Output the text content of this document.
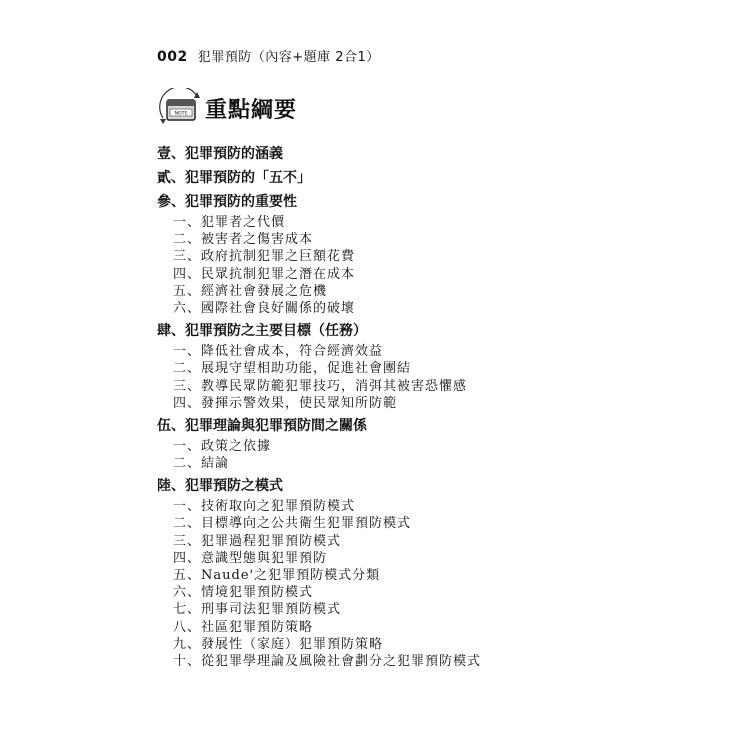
002 犯罪預防（內容+題庫 2合1）
NOTE 重點綱要
壹、犯罪預防的涵義
貳、犯罪預防的「五不」
參、犯罪預防的重要性
一、犯罪者之代價
二、被害者之傷害成本
三、政府抗制犯罪之巨額花費
四、民眾抗制犯罪之潛在成本
五、經濟社會發展之危機
六、國際社會良好關係的破壞
肆、犯罪預防之主要目標（任務）
一、降低社會成本，符合經濟效益
二、展現守望相助功能，促進社會團結
三、教導民眾防範犯罪技巧，消弭其被害恐懼感
四、發揮示警效果，使民眾知所防範
伍、犯罪理論與犯罪預防間之關係
一、政策之依據
二、結論
陸、犯罪預防之模式
一、技術取向之犯罪預防模式
二、目標導向之公共衛生犯罪預防模式
三、犯罪過程犯罪預防模式
四、意識型態與犯罪預防
五、Naude'之犯罪預防模式分類
六、情境犯罪預防模式
七、刑事司法犯罪預防模式
八、社區犯罪預防策略
九、發展性（家庭）犯罪預防策略
十、從犯罪學理論及風險社會劃分之犯罪預防模式
